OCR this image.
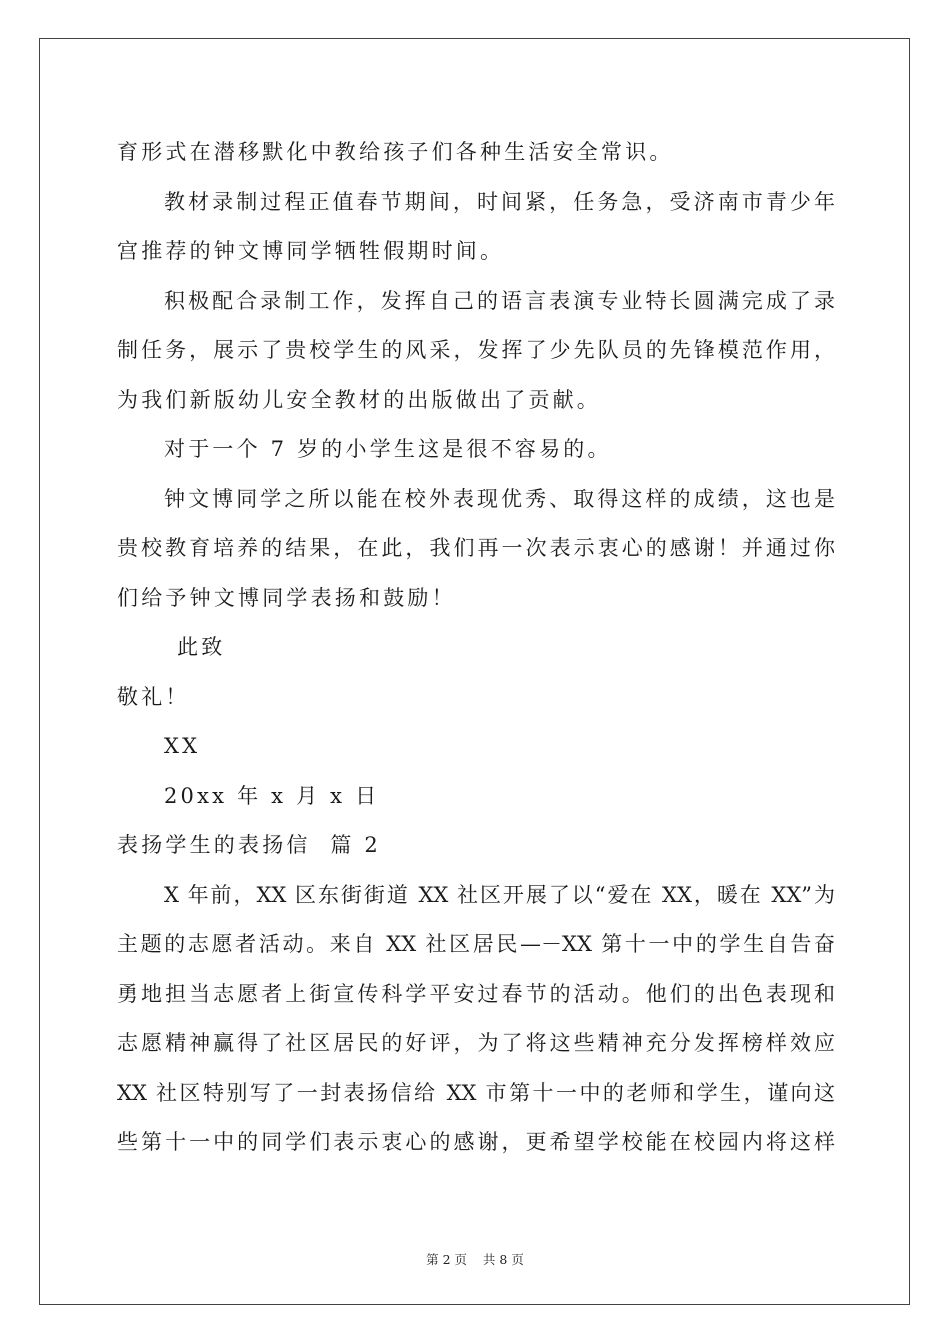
育形式在潜移默化中教给孩子们各种生活安全常识。
教材录制过程正值春节期间，时间紧，任务急，受济南市青少年
宫推荐的钟文博同学牺牲假期时间。
积极配合录制工作，发挥自己的语言表演专业特长圆满完成了录
制任务，展示了贵校学生的风采，发挥了少先队员的先锋模范作用，
为我们新版幼儿安全教材的出版做出了贡献。
对于一个 7 岁的小学生这是很不容易的。
钟文博同学之所以能在校外表现优秀、取得这样的成绩，这也是
贵校教育培养的结果，在此，我们再一次表示衷心的感谢！并通过你
们给予钟文博同学表扬和鼓励！
此致
敬礼！
XX
20xx 年 x 月 x 日
表扬学生的表扬信  篇 2
X 年前，XX 区东街街道 XX 社区开展了以“爱在 XX，暖在 XX”为
主题的志愿者活动。来自 XX 社区居民—－XX 第十一中的学生自告奋
勇地担当志愿者上街宣传科学平安过春节的活动。他们的出色表现和
志愿精神赢得了社区居民的好评，为了将这些精神充分发挥榜样效应
XX 社区特别写了一封表扬信给 XX 市第十一中的老师和学生，谨向这
些第十一中的同学们表示衷心的感谢，更希望学校能在校园内将这样
第 2 页    共 8 页
